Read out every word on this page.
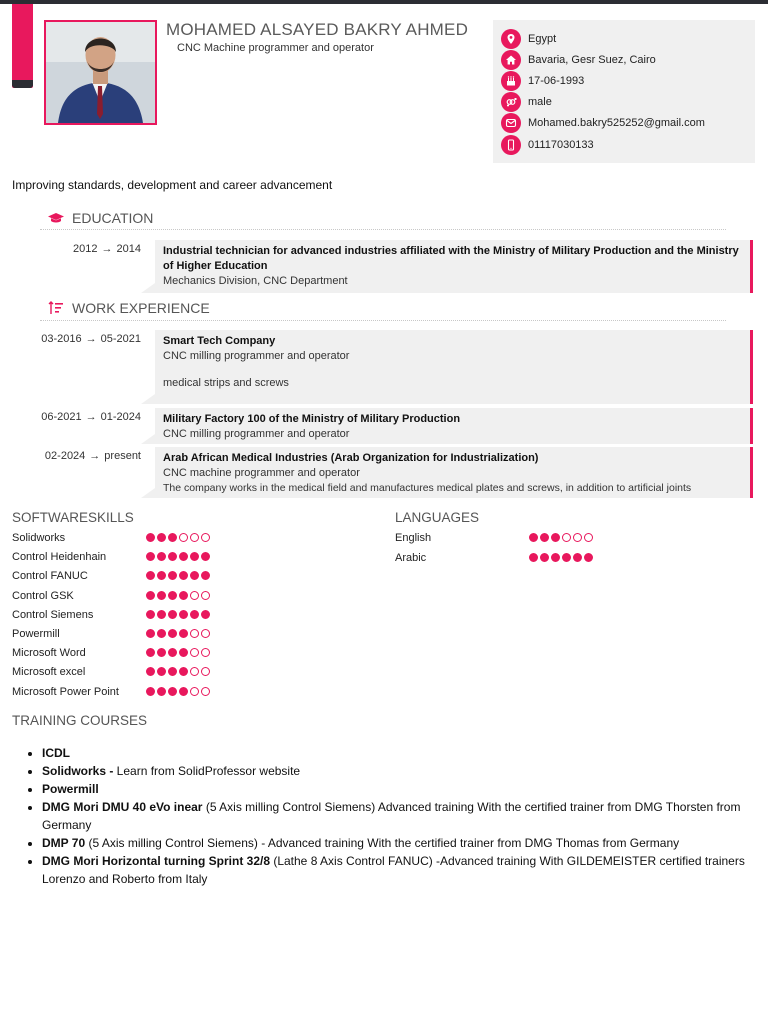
MOHAMED ALSAYED BAKRY AHMED
CNC Machine programmer and operator
Egypt
Bavaria, Gesr Suez, Cairo
17-06-1993
male
Mohamed.bakry525252@gmail.com
01117030133
Improving standards, development and career advancement
EDUCATION
2012 → 2014 Industrial technician for advanced industries affiliated with the Ministry of Military Production and the Ministry of Higher Education
Mechanics Division, CNC Department
WORK EXPERIENCE
03-2016 → 05-2021 Smart Tech Company
CNC milling programmer and operator
medical strips and screws
06-2021 → 01-2024 Military Factory 100 of the Ministry of Military Production
CNC milling programmer and operator
02-2024 → present Arab African Medical Industries (Arab Organization for Industrialization)
CNC machine programmer and operator
The company works in the medical field and manufactures medical plates and screws, in addition to artificial joints
SOFTWARESKILLS
Solidworks
Control Heidenhain
Control FANUC
Control GSK
Control Siemens
Powermill
Microsoft Word
Microsoft excel
Microsoft Power Point
LANGUAGES
English
Arabic
TRAINING COURSES
• ICDL
• Solidworks - Learn from SolidProfessor website
• Powermill
• DMG Mori DMU 40 eVo inear (5 Axis milling Control Siemens) Advanced training With the certified trainer from DMG Thorsten from Germany
• DMP 70 (5 Axis milling Control Siemens) - Advanced training With the certified trainer from DMG Thomas from Germany
• DMG Mori Horizontal turning Sprint 32/8 (Lathe 8 Axis Control FANUC) -Advanced training With GILDEMEISTER certified trainers Lorenzo and Roberto from Italy
